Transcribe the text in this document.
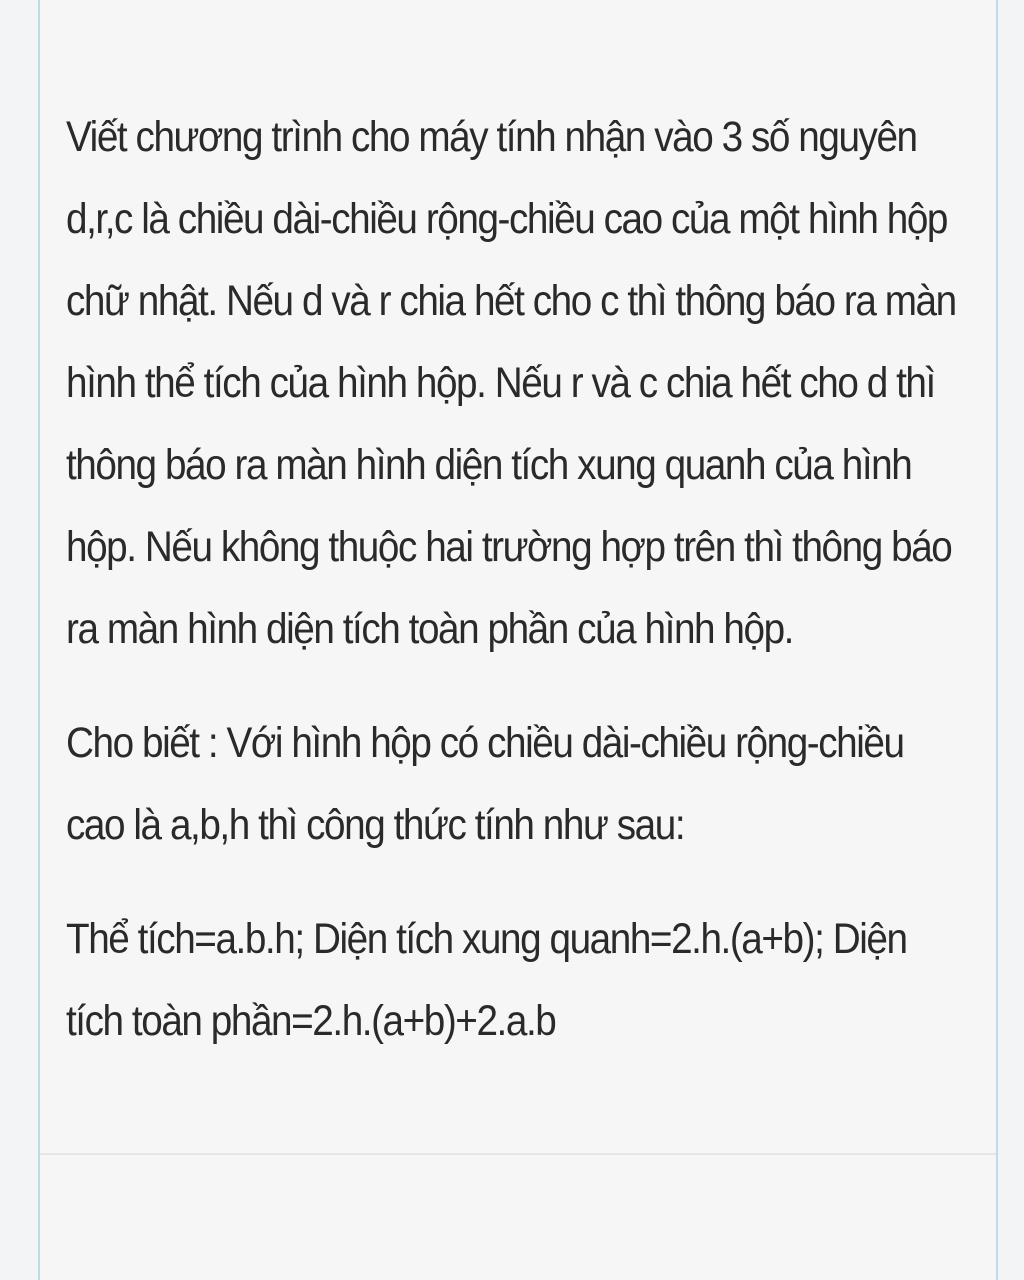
Viết chương trình cho máy tính nhận vào 3 số nguyên d,r,c là chiều dài-chiều rộng-chiều cao của một hình hộp chữ nhật. Nếu d và r chia hết cho c thì thông báo ra màn hình thể tích của hình hộp. Nếu r và c chia hết cho d thì thông báo ra màn hình diện tích xung quanh của hình hộp. Nếu không thuộc hai trường hợp trên thì thông báo ra màn hình diện tích toàn phần của hình hộp.

Cho biết : Với hình hộp có chiều dài-chiều rộng-chiều cao là a,b,h thì công thức tính như sau:

Thể tích=a.b.h; Diện tích xung quanh=2.h.(a+b); Diện tích toàn phần=2.h.(a+b)+2.a.b
